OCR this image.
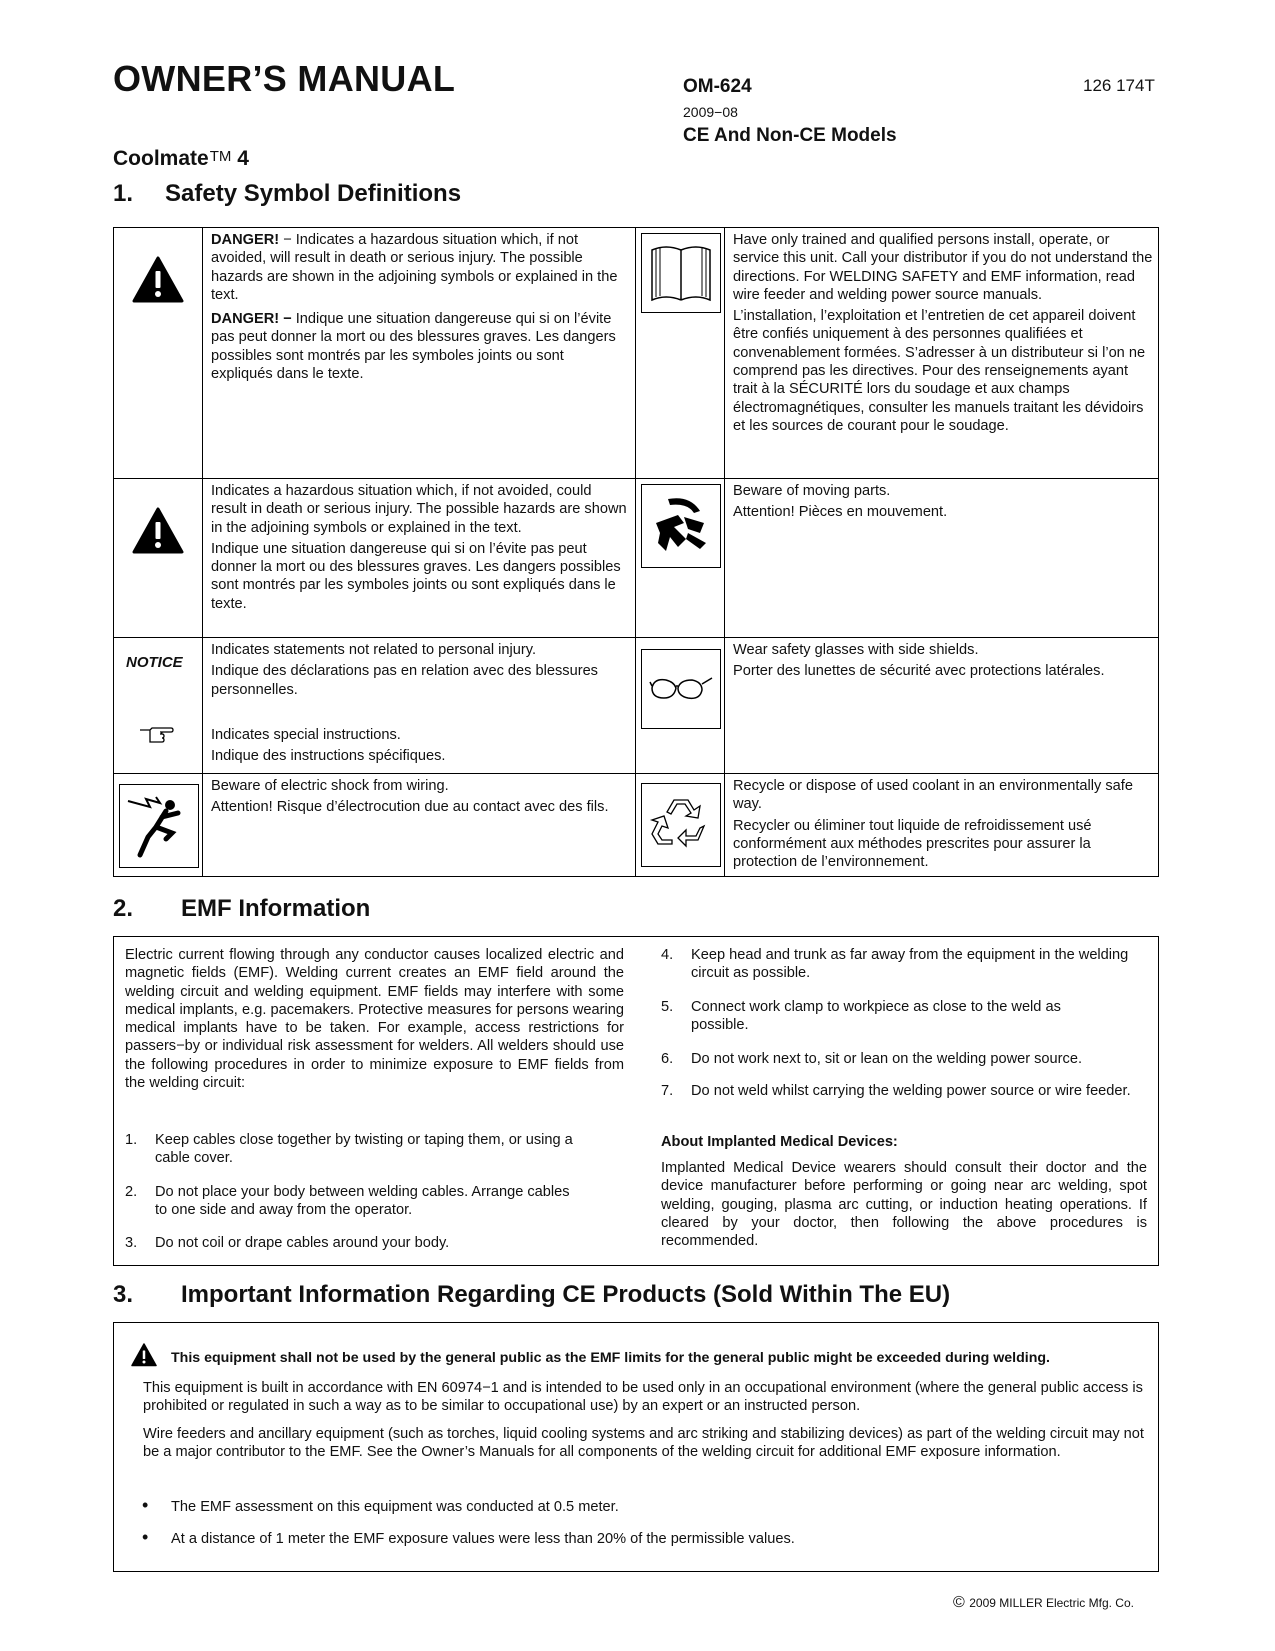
OWNER’S MANUAL	OM-624	126 174T
2009−08
CE And Non-CE Models
CoolmateTM 4
1. Safety Symbol Definitions

DANGER! − Indicates a hazardous situation which, if not avoided, will result in death or serious injury. The possible hazards are shown in the adjoining symbols or explained in the text.

DANGER! − Indique une situation dangereuse qui si on l’évite pas peut donner la mort ou des blessures graves. Les dangers possibles sont montrés par les symboles joints ou sont expliqués dans le texte.

Have only trained and qualified persons install, operate, or service this unit. Call your distributor if you do not understand the directions. For WELDING SAFETY and EMF information, read wire feeder and welding power source manuals.

L’installation, l’exploitation et l’entretien de cet appareil doivent être confiés uniquement à des personnes qualifiées et convenablement formées. S’adresser à un distributeur si l’on ne comprend pas les directives. Pour des renseignements ayant trait à la SÉCURITÉ lors du soudage et aux champs électromagnétiques, consulter les manuels traitant les dévidoirs et les sources de courant pour le soudage.

Indicates a hazardous situation which, if not avoided, could result in death or serious injury. The possible hazards are shown in the adjoining symbols or explained in the text.

Indique une situation dangereuse qui si on l’évite pas peut donner la mort ou des blessures graves. Les dangers possibles sont montrés par les symboles joints ou sont expliqués dans le texte.

Beware of moving parts.

Attention! Pièces en mouvement.

NOTICE

Indicates statements not related to personal injury.

Indique des déclarations pas en relation avec des blessures personnelles.

Indicates special instructions.

Indique des instructions spécifiques.

Wear safety glasses with side shields.

Porter des lunettes de sécurité avec protections latérales.

Beware of electric shock from wiring.

Attention! Risque d’électrocution due au contact avec des fils.

Recycle or dispose of used coolant in an environmentally safe way.

Recycler ou éliminer tout liquide de refroidissement usé conformément aux méthodes prescrites pour assurer la protection de l’environnement.

2. EMF Information
Electric current flowing through any conductor causes localized electric and magnetic fields (EMF). Welding current creates an EMF field around the welding circuit and welding equipment. EMF fields may interfere with some medical implants, e.g. pacemakers. Protective measures for persons wearing medical implants have to be taken. For example, access restrictions for passers−by or individual risk assessment for welders. All welders should use the following procedures in order to minimize exposure to EMF fields from the welding circuit:
1. Keep cables close together by twisting or taping them, or using a cable cover.
2. Do not place your body between welding cables. Arrange cables to one side and away from the operator.
3. Do not coil or drape cables around your body.
4. Keep head and trunk as far away from the equipment in the welding circuit as possible.
5. Connect work clamp to workpiece as close to the weld as possible.
6. Do not work next to, sit or lean on the welding power source.
7. Do not weld whilst carrying the welding power source or wire feeder.
About Implanted Medical Devices:
Implanted Medical Device wearers should consult their doctor and the device manufacturer before performing or going near arc welding, spot welding, gouging, plasma arc cutting, or induction heating operations. If cleared by your doctor, then following the above procedures is recommended.
3. Important Information Regarding CE Products (Sold Within The EU)
This equipment shall not be used by the general public as the EMF limits for the general public might be exceeded during welding.
This equipment is built in accordance with EN 60974−1 and is intended to be used only in an occupational environment (where the general public access is prohibited or regulated in such a way as to be similar to occupational use) by an expert or an instructed person.
Wire feeders and ancillary equipment (such as torches, liquid cooling systems and arc striking and stabilizing devices) as part of the welding circuit may not be a major contributor to the EMF. See the Owner’s Manuals for all components of the welding circuit for additional EMF exposure information.
• The EMF assessment on this equipment was conducted at 0.5 meter.
• At a distance of 1 meter the EMF exposure values were less than 20% of the permissible values.
© 2009 MILLER Electric Mfg. Co.
